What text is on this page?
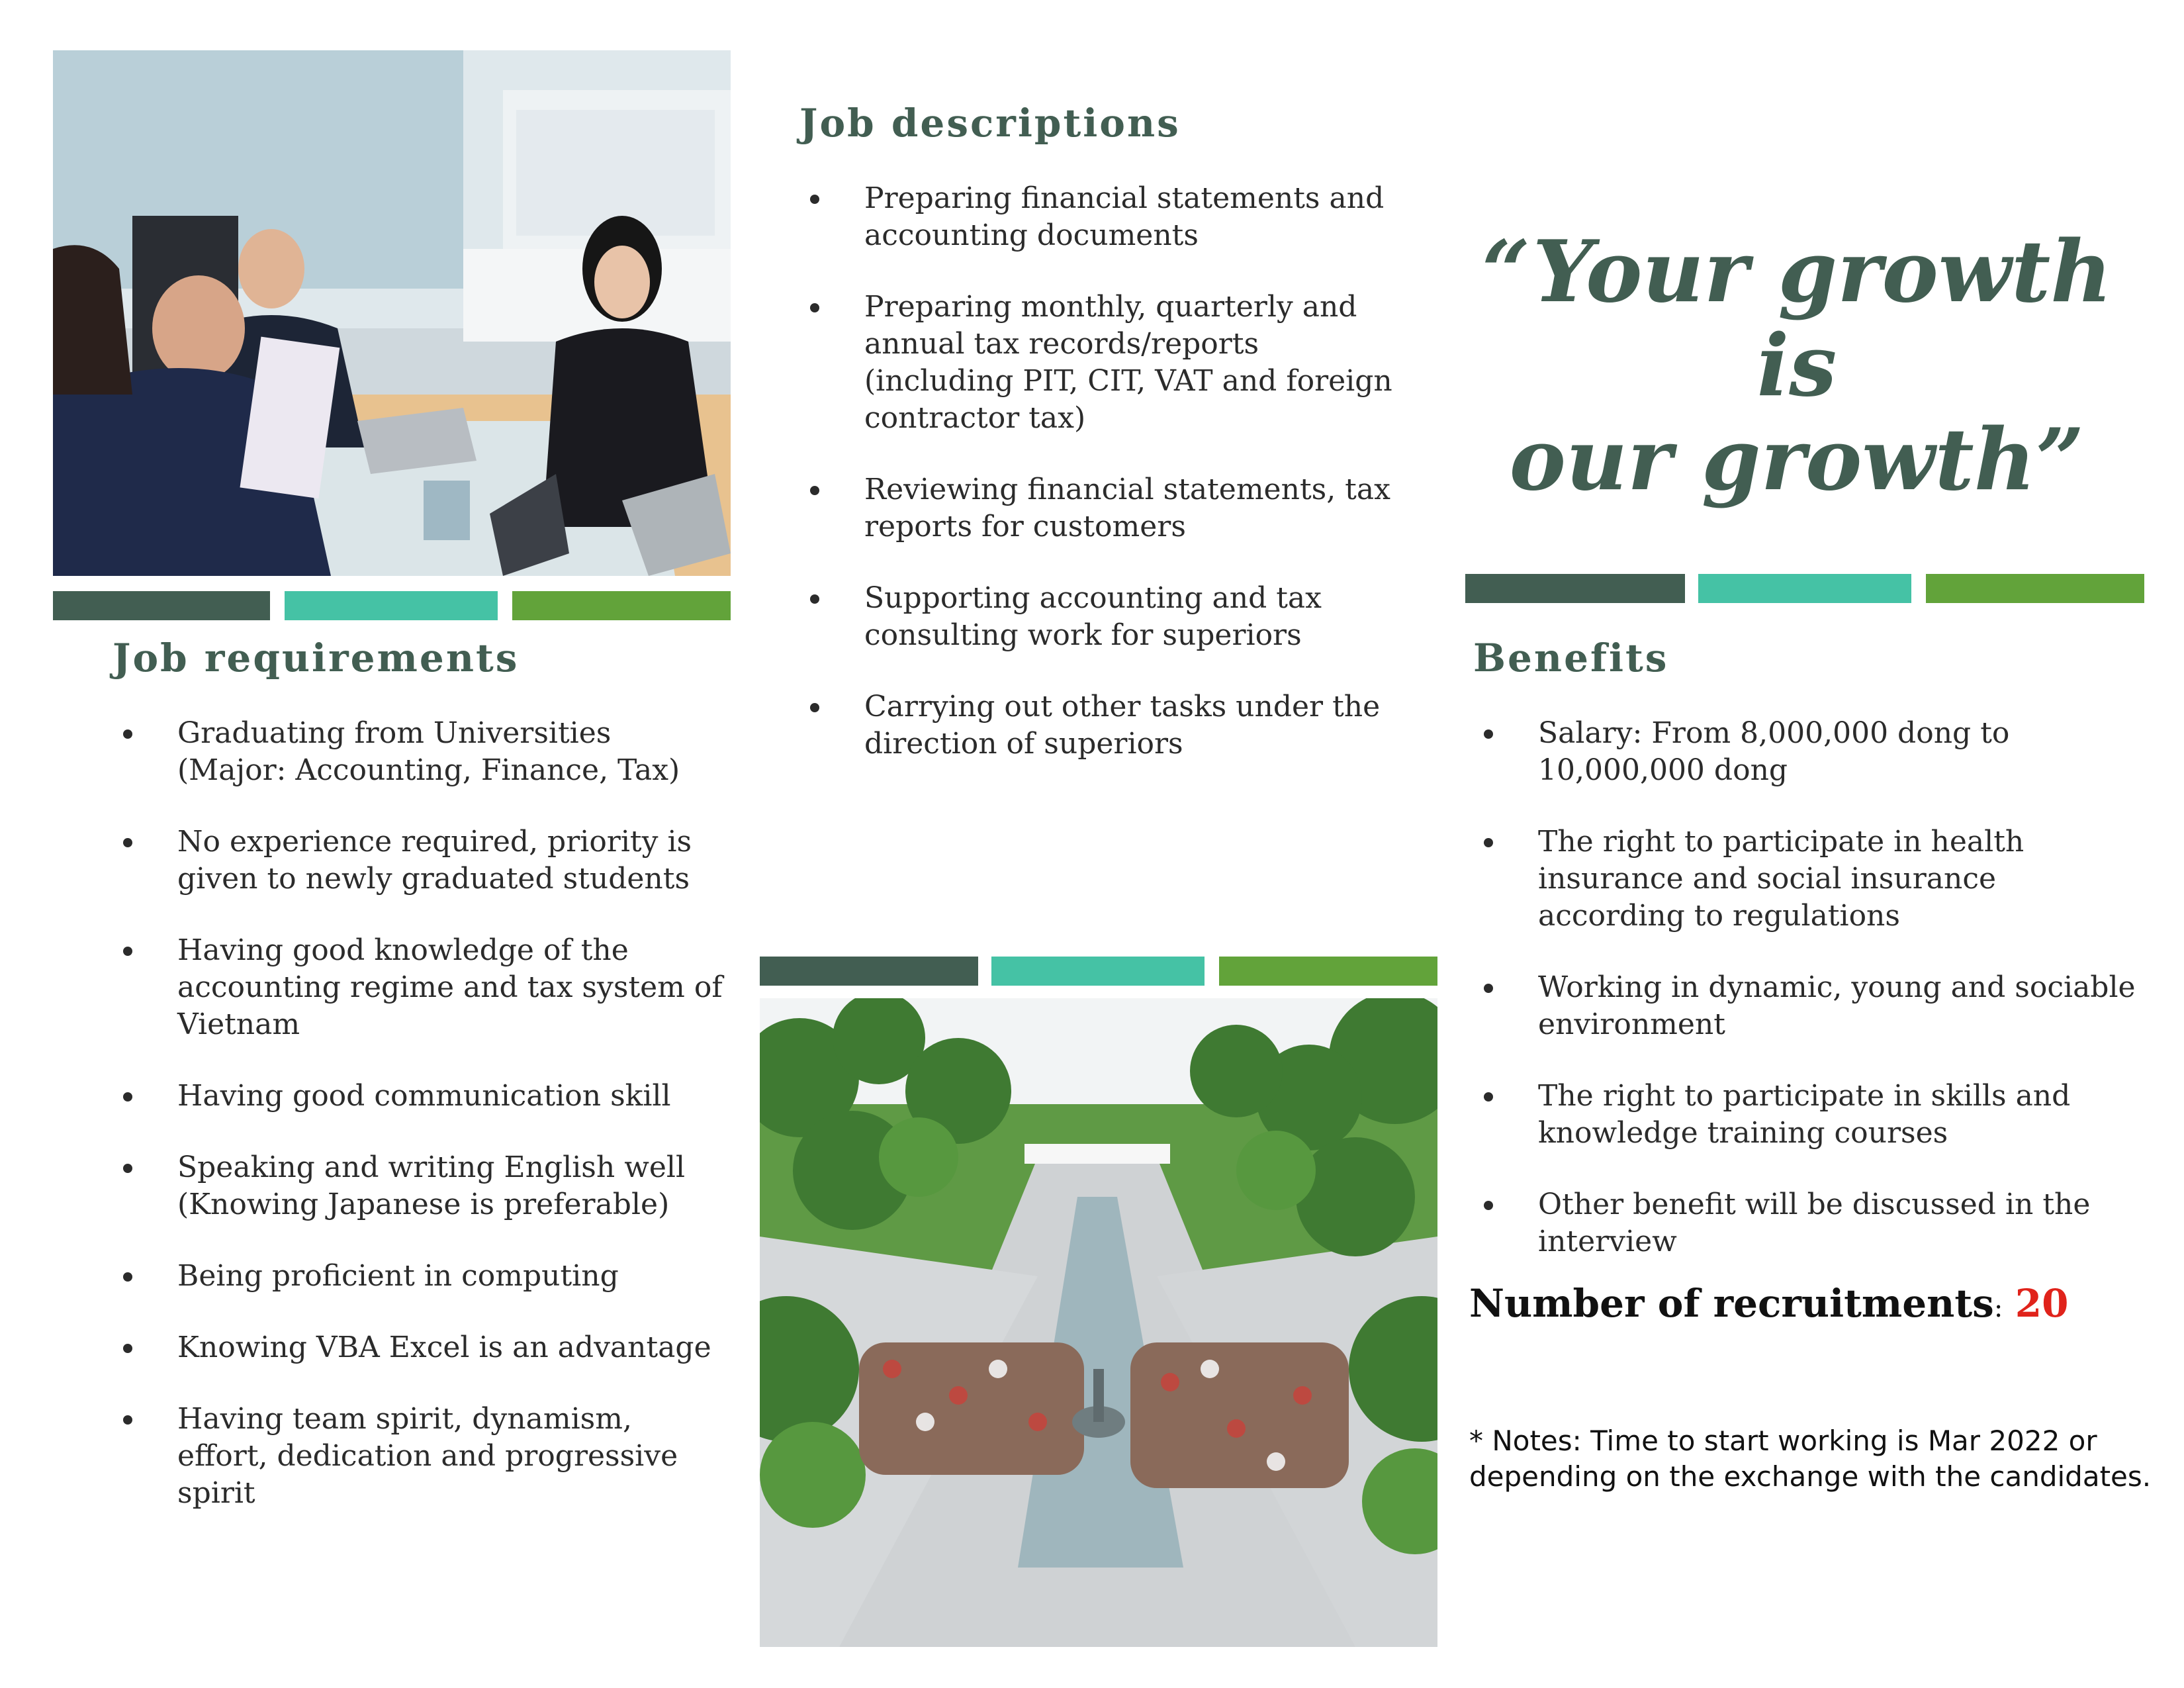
Job requirements
Graduating from Universities (Major: Accounting, Finance, Tax)
No experience required, priority is given to newly graduated students
Having good knowledge of the accounting regime and tax system of Vietnam
Having good communication skill
Speaking and writing English well (Knowing Japanese is preferable)
Being proficient in computing
Knowing VBA Excel is an advantage
Having team spirit, dynamism, effort, dedication and progressive spirit
Job descriptions
Preparing financial statements and accounting documents
Preparing monthly, quarterly and annual tax records/reports (including PIT, CIT, VAT and foreign contractor tax)
Reviewing financial statements, tax reports for customers
Supporting accounting and tax consulting work for superiors
Carrying out other tasks under the direction of superiors
“Your growth is
our growth”
Benefits
Salary: From 8,000,000 dong to 10,000,000 dong
The right to participate in health insurance and social insurance according to regulations
Working in dynamic, young and sociable environment
The right to participate in skills and knowledge training courses
Other benefit will be discussed in the interview
Number of recruitments: 20

* Notes: Time to start working is Mar 2022 or depending on the exchange with the candidates.
